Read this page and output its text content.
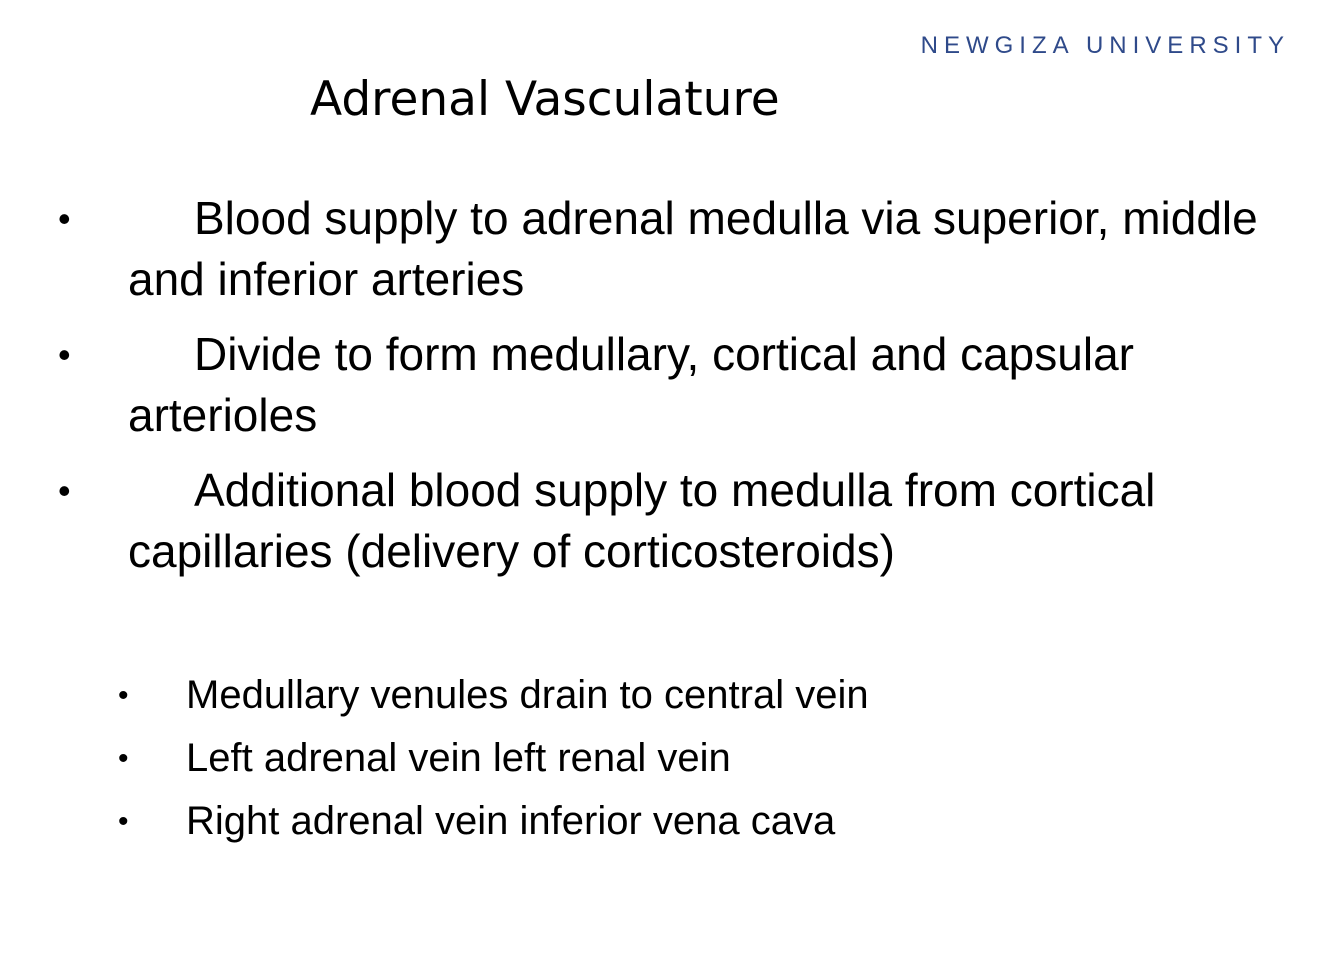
NEWGIZA UNIVERSITY
Adrenal Vasculature
•	Blood supply to adrenal medulla via superior, middle and inferior arteries
•	Divide to form medullary, cortical and capsular arterioles
•	Additional blood supply to medulla from cortical capillaries (delivery of corticosteroids)
• Medullary venules drain to central vein
• Left adrenal vein left renal vein
• Right adrenal vein inferior vena cava
